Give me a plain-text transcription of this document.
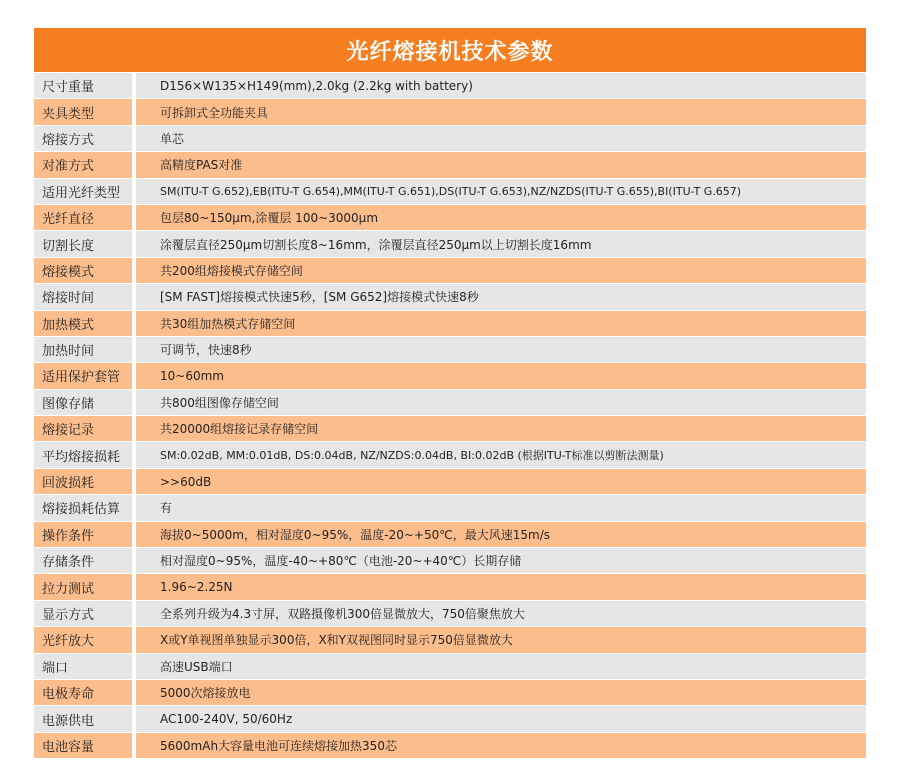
光纤熔接机技术参数
尺寸重量	D156×W135×H149(mm),2.0kg (2.2kg with battery)
夹具类型	可拆卸式全功能夹具
熔接方式	单芯
对准方式	高精度PAS对准
适用光纤类型	SM(ITU-T G.652),EB(ITU-T G.654),MM(ITU-T G.651),DS(ITU-T G.653),NZ/NZDS(ITU-T G.655),BI(ITU-T G.657)
光纤直径	包层80~150μm,涂覆层 100~3000μm
切割长度	涂覆层直径250μm切割长度8~16mm，涂覆层直径250μm以上切割长度16mm
熔接模式	共200组熔接模式存储空间
熔接时间	[SM FAST]熔接模式快速5秒，[SM G652]熔接模式快速8秒
加热模式	共30组加热模式存储空间
加热时间	可调节，快速8秒
适用保护套管	10~60mm
图像存储	共800组图像存储空间
熔接记录	共20000组熔接记录存储空间
平均熔接损耗	SM:0.02dB, MM:0.01dB, DS:0.04dB, NZ/NZDS:0.04dB, BI:0.02dB (根据ITU-T标准以剪断法测量)
回波损耗	>>60dB
熔接损耗估算	有
操作条件	海拔0~5000m，相对湿度0~95%，温度-20~+50℃，最大风速15m/s
存储条件	相对湿度0~95%，温度-40~+80℃（电池-20~+40℃）长期存储
拉力测试	1.96~2.25N
显示方式	全系列升级为4.3寸屏，双路摄像机300倍显微放大，750倍聚焦放大
光纤放大	X或Y单视图单独显示300倍，X和Y双视图同时显示750倍显微放大
端口	高速USB端口
电极寿命	5000次熔接放电
电源供电	AC100-240V, 50/60Hz
电池容量	5600mAh大容量电池可连续熔接加热350芯
